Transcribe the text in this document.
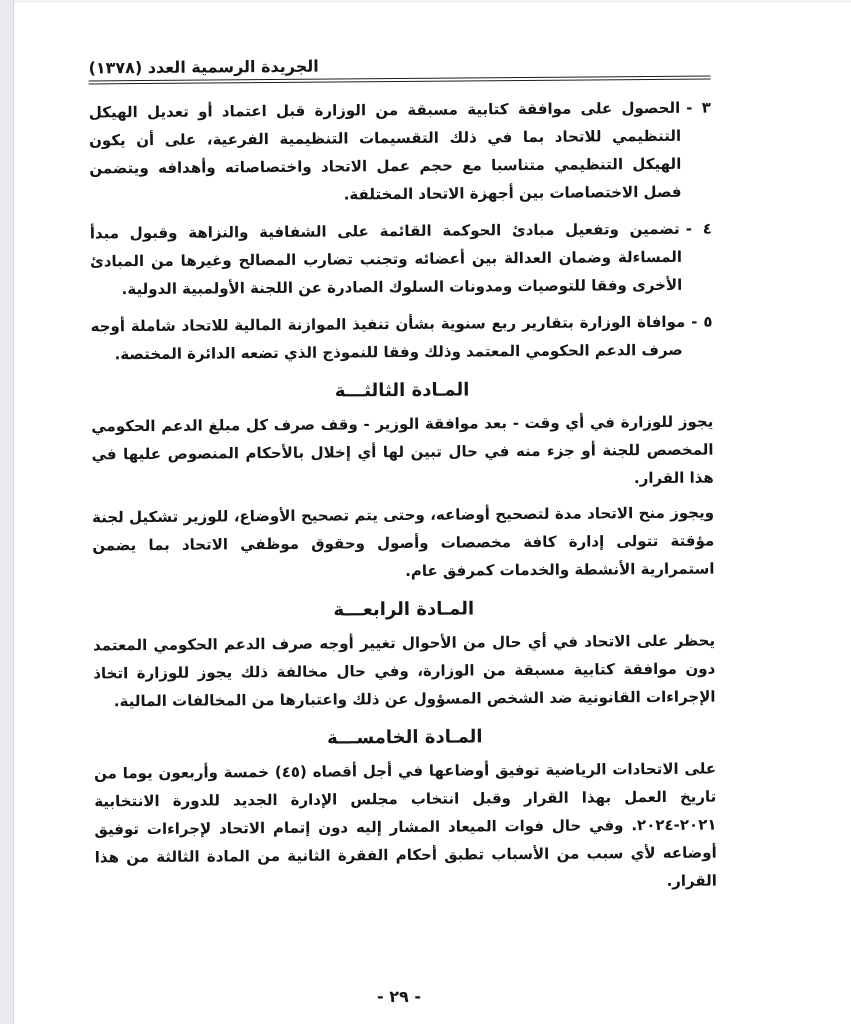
الجريدة الرسمية العدد (١٣٧٨)

٣ -الحصول على موافقة كتابية مسبقة من الوزارة قبل اعتماد أو تعديل الهيكل التنظيمي للاتحاد بما في ذلك التقسيمات التنظيمية الفرعية، على أن يكون الهيكل التنظيمي متناسبا مع حجم عمل الاتحاد واختصاصاته وأهدافه ويتضمن فصل الاختصاصات بين أجهزة الاتحاد المختلفة.

٤ -تضمين وتفعيل مبادئ الحوكمة القائمة على الشفافية والنزاهة وقبول مبدأ المساءلة وضمان العدالة بين أعضائه وتجنب تضارب المصالح وغيرها من المبادئ الأخرى وفقا للتوصيات ومدونات السلوك الصادرة عن اللجنة الأولمبية الدولية.

٥ -موافاة الوزارة بتقارير ربع سنوية بشأن تنفيذ الموازنة المالية للاتحاد شاملة أوجه صرف الدعم الحكومي المعتمد وذلك وفقا للنموذج الذي تضعه الدائرة المختصة.

المـادة الثالثـــة

يجوز للوزارة في أي وقت - بعد موافقة الوزير - وقف صرف كل مبلغ الدعم الحكومي المخصص للجنة أو جزء منه في حال تبين لها أي إخلال بالأحكام المنصوص عليها في هذا القرار.

ويجوز منح الاتحاد مدة لتصحيح أوضاعه، وحتى يتم تصحيح الأوضاع، للوزير تشكيل لجنة مؤقتة تتولى إدارة كافة مخصصات وأصول وحقوق موظفي الاتحاد بما يضمن استمرارية الأنشطة والخدمات كمرفق عام.

المـادة الرابعـــة

يحظر على الاتحاد في أي حال من الأحوال تغيير أوجه صرف الدعم الحكومي المعتمد دون موافقة كتابية مسبقة من الوزارة، وفي حال مخالفة ذلك يجوز للوزارة اتخاذ الإجراءات القانونية ضد الشخص المسؤول عن ذلك واعتبارها من المخالفات المالية.

المـادة الخامســـة

على الاتحادات الرياضية توفيق أوضاعها في أجل أقصاه (٤٥) خمسة وأربعون يوما من تاريخ العمل بهذا القرار وقبل انتخاب مجلس الإدارة الجديد للدورة الانتخابية ٢٠٢١-٢٠٢٤. وفي حال فوات الميعاد المشار إليه دون إتمام الاتحاد لإجراءات توفيق أوضاعه لأي سبب من الأسباب تطبق أحكام الفقرة الثانية من المادة الثالثة من هذا القرار.

- ٢٩ -
